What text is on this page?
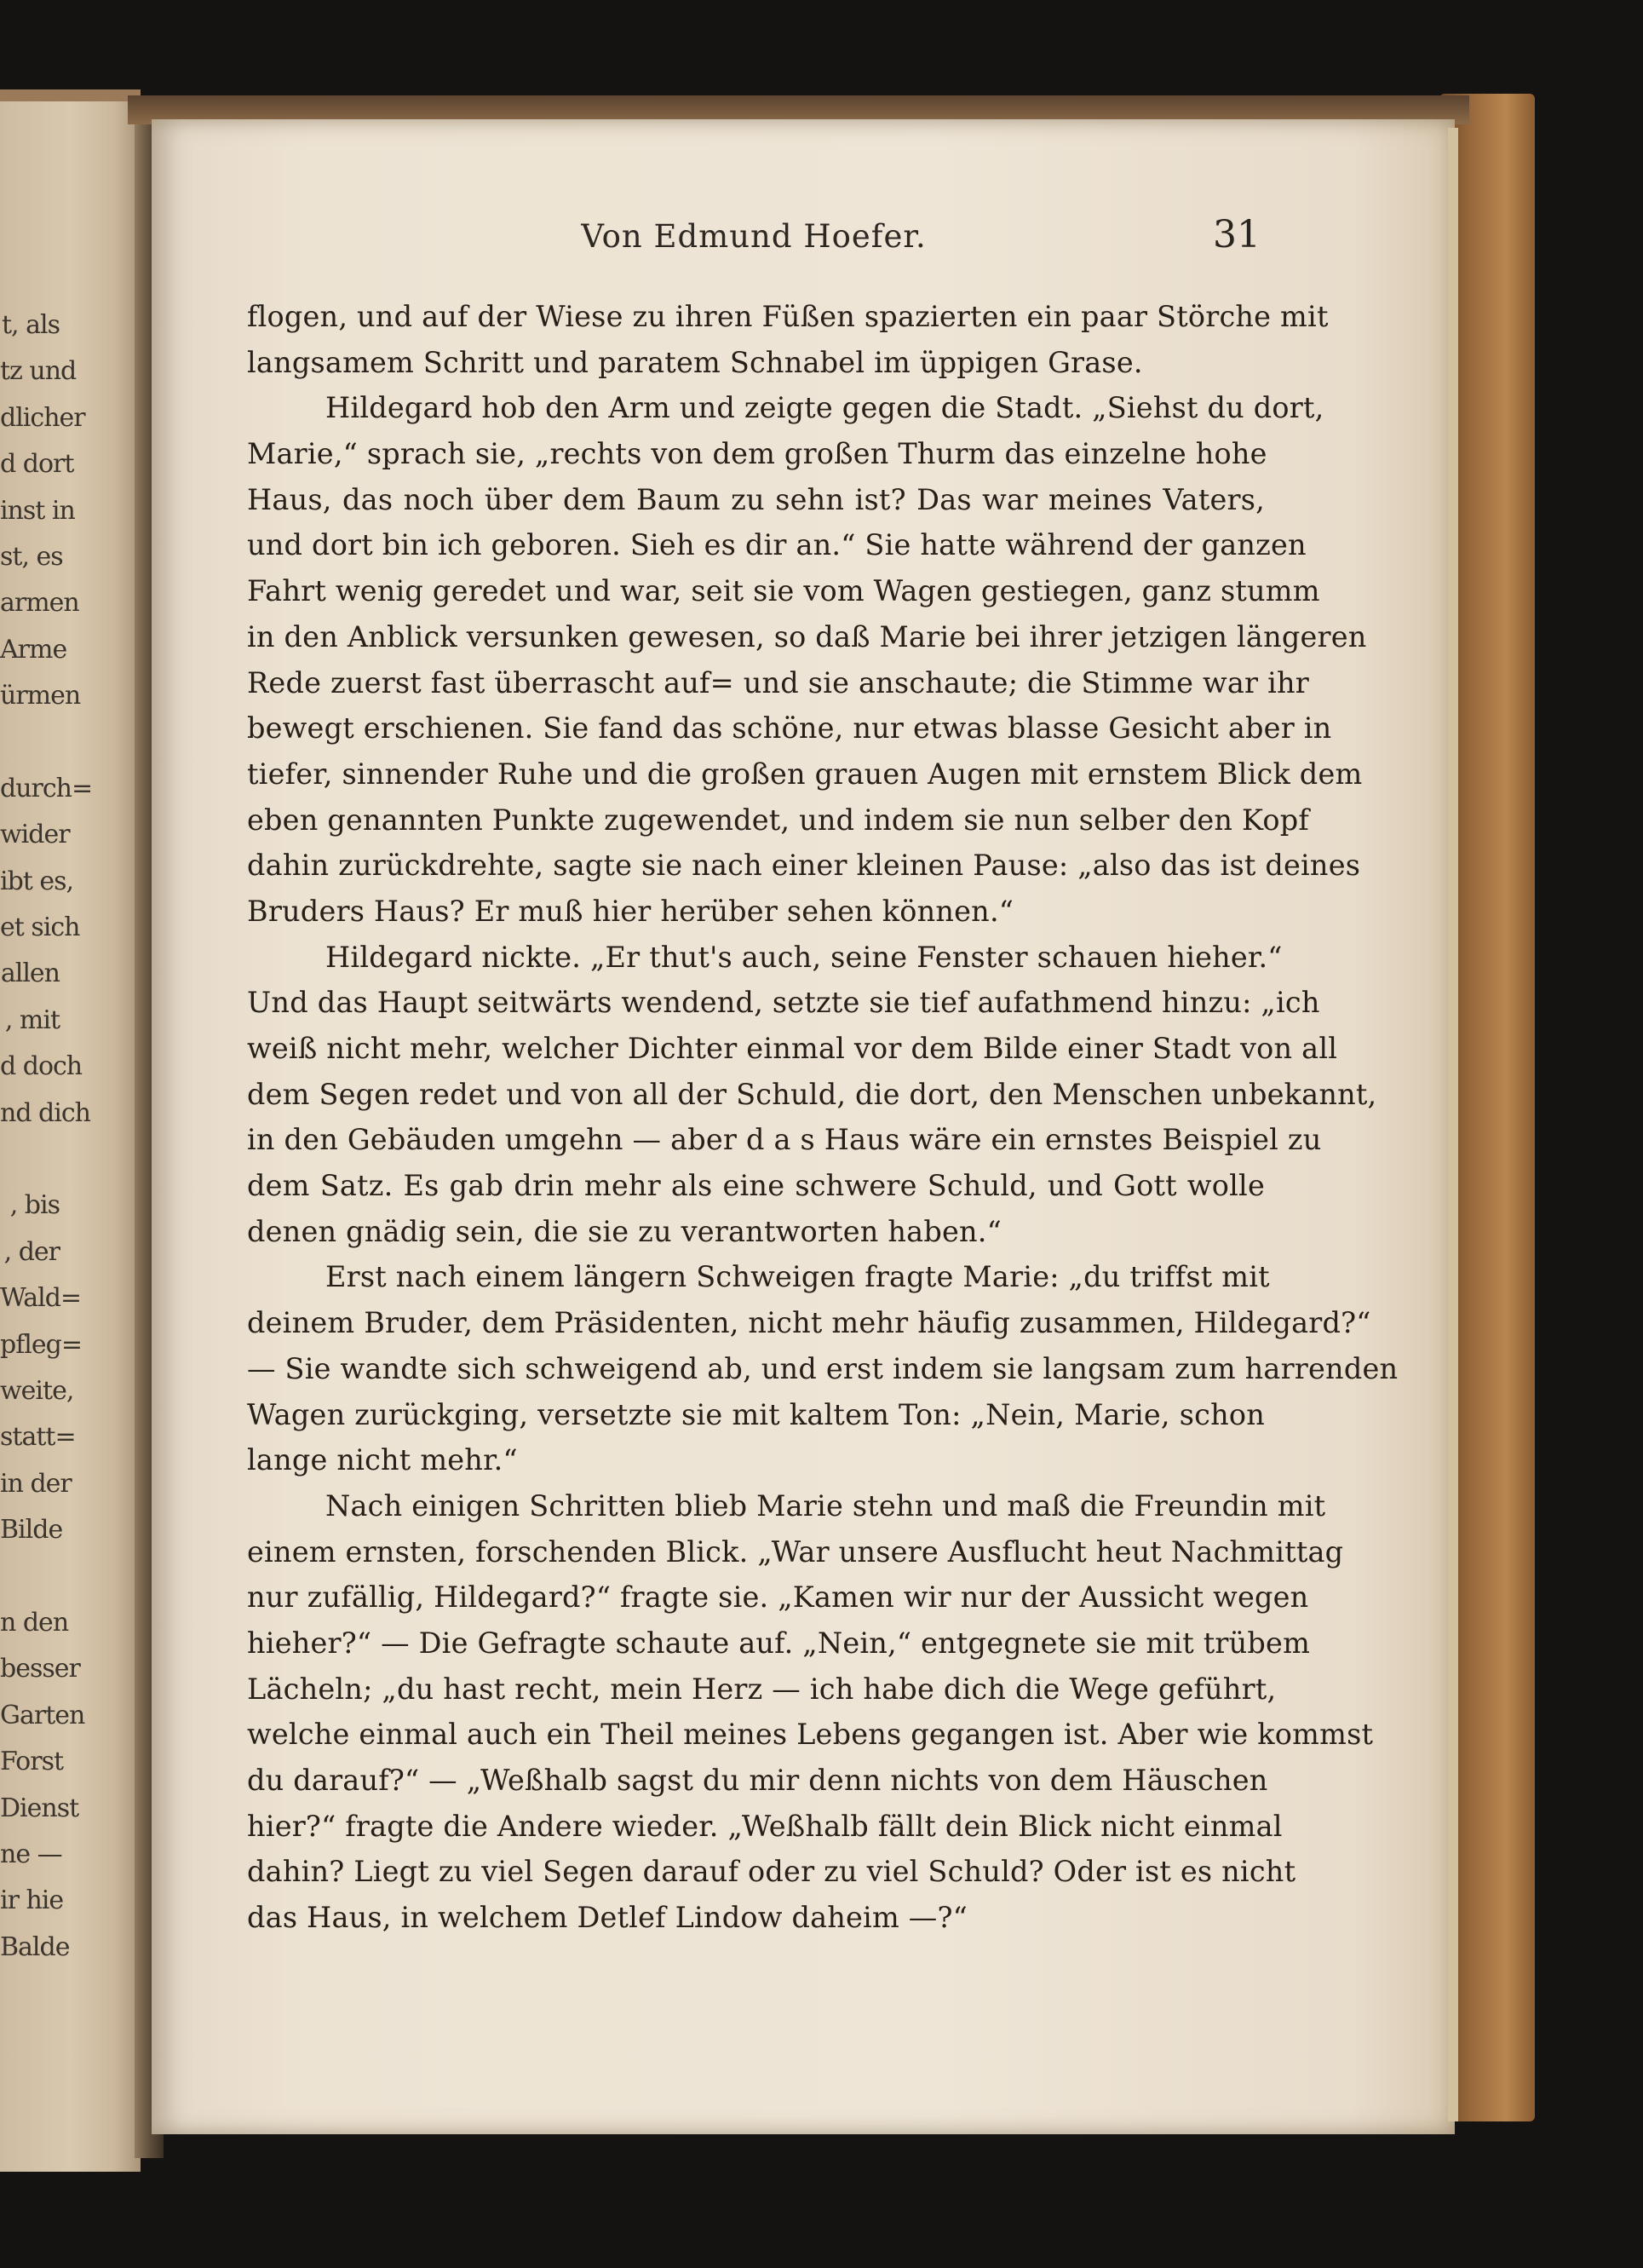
t, als
tz und
dlicher
d dort
inst in
st, es
armen
Arme
ürmen
durch=
wider
ibt es,
et sich
allen
, mit
d doch
nd dich
, bis
, der
Wald=
pfleg=
weite,
statt=
in der
Bilde
n den
besser
Garten
Forst
Dienst
ne —
ir hie
Balde
Von Edmund Hoefer.	31
flogen, und auf der Wiese zu ihren Füßen spazierten ein paar Störche mit
langsamem Schritt und paratem Schnabel im üppigen Grase.
Hildegard hob den Arm und zeigte gegen die Stadt. „Siehst du dort,
Marie,“ sprach sie, „rechts von dem großen Thurm das einzelne hohe
Haus, das noch über dem Baum zu sehn ist? Das war meines Vaters,
und dort bin ich geboren. Sieh es dir an.“ Sie hatte während der ganzen
Fahrt wenig geredet und war, seit sie vom Wagen gestiegen, ganz stumm
in den Anblick versunken gewesen, so daß Marie bei ihrer jetzigen längeren
Rede zuerst fast überrascht auf= und sie anschaute; die Stimme war ihr
bewegt erschienen. Sie fand das schöne, nur etwas blasse Gesicht aber in
tiefer, sinnender Ruhe und die großen grauen Augen mit ernstem Blick dem
eben genannten Punkte zugewendet, und indem sie nun selber den Kopf
dahin zurückdrehte, sagte sie nach einer kleinen Pause: „also das ist deines
Bruders Haus? Er muß hier herüber sehen können.“
Hildegard nickte. „Er thut's auch, seine Fenster schauen hieher.“
Und das Haupt seitwärts wendend, setzte sie tief aufathmend hinzu: „ich
weiß nicht mehr, welcher Dichter einmal vor dem Bilde einer Stadt von all
dem Segen redet und von all der Schuld, die dort, den Menschen unbekannt,
in den Gebäuden umgehn — aber d a s Haus wäre ein ernstes Beispiel zu
dem Satz. Es gab drin mehr als eine schwere Schuld, und Gott wolle
denen gnädig sein, die sie zu verantworten haben.“
Erst nach einem längern Schweigen fragte Marie: „du triffst mit
deinem Bruder, dem Präsidenten, nicht mehr häufig zusammen, Hildegard?“
— Sie wandte sich schweigend ab, und erst indem sie langsam zum harrenden
Wagen zurückging, versetzte sie mit kaltem Ton: „Nein, Marie, schon
lange nicht mehr.“
Nach einigen Schritten blieb Marie stehn und maß die Freundin mit
einem ernsten, forschenden Blick. „War unsere Ausflucht heut Nachmittag
nur zufällig, Hildegard?“ fragte sie. „Kamen wir nur der Aussicht wegen
hieher?“ — Die Gefragte schaute auf. „Nein,“ entgegnete sie mit trübem
Lächeln; „du hast recht, mein Herz — ich habe dich die Wege geführt,
welche einmal auch ein Theil meines Lebens gegangen ist. Aber wie kommst
du darauf?“ — „Weßhalb sagst du mir denn nichts von dem Häuschen
hier?“ fragte die Andere wieder. „Weßhalb fällt dein Blick nicht einmal
dahin? Liegt zu viel Segen darauf oder zu viel Schuld? Oder ist es nicht
das Haus, in welchem Detlef Lindow daheim —?“
